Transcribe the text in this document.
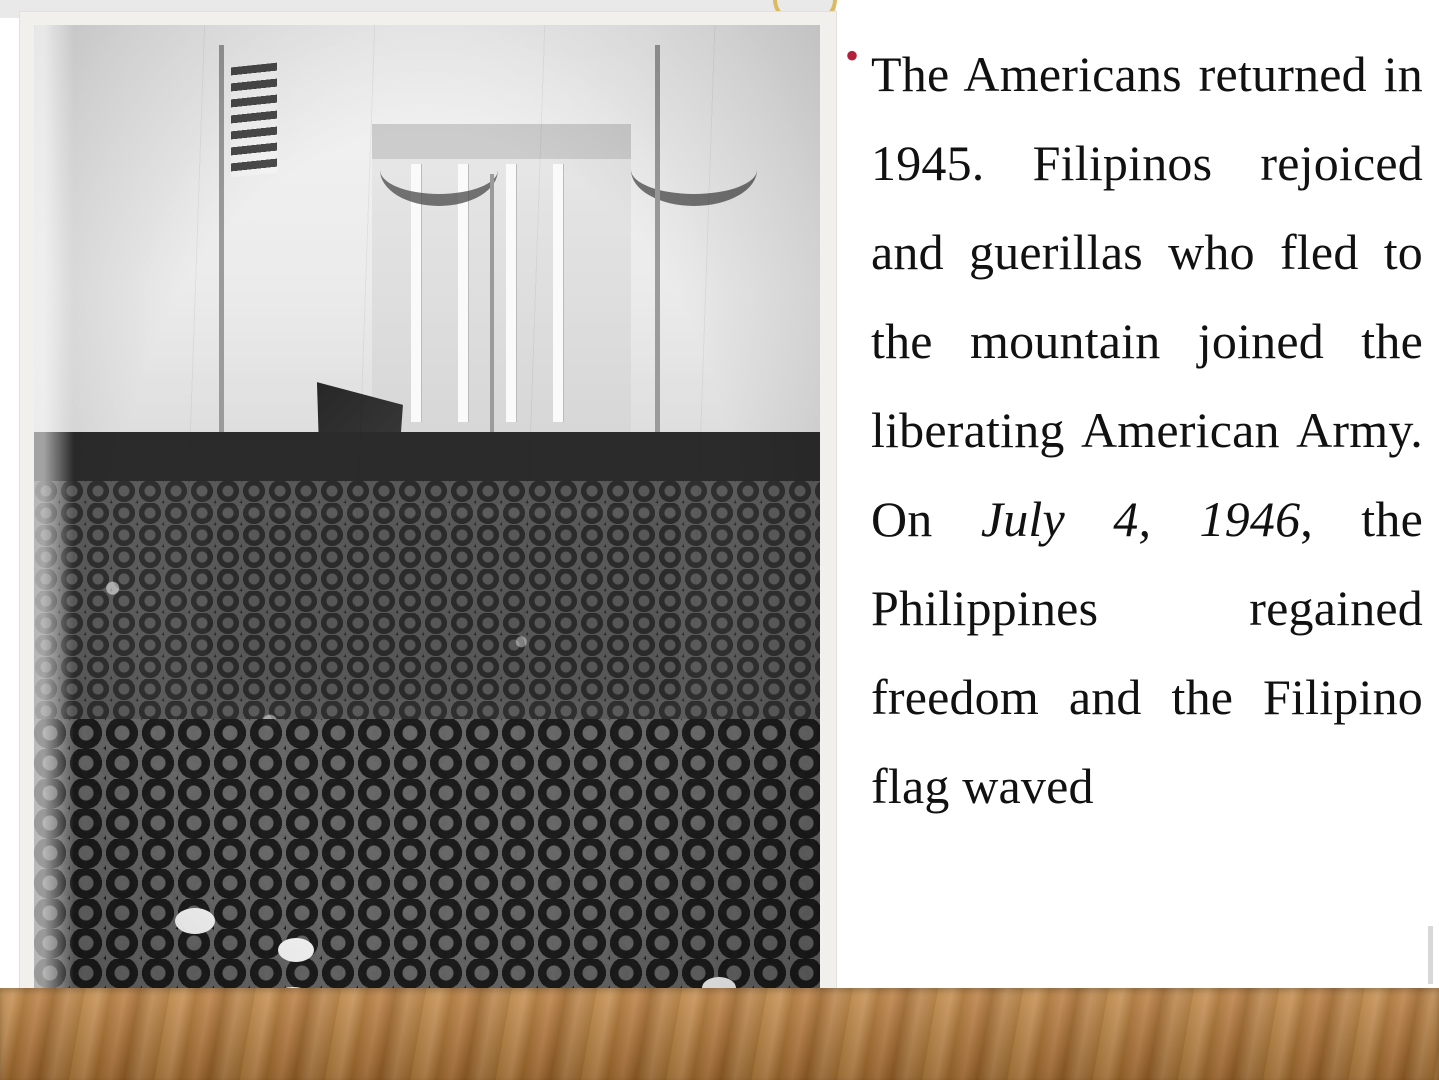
• The Americans returned in 1945. Filipinos rejoiced and guerillas who fled to the mountain joined the liberating American Army. On July 4, 1946, the Philippines regained freedom and the Filipino flag waved
